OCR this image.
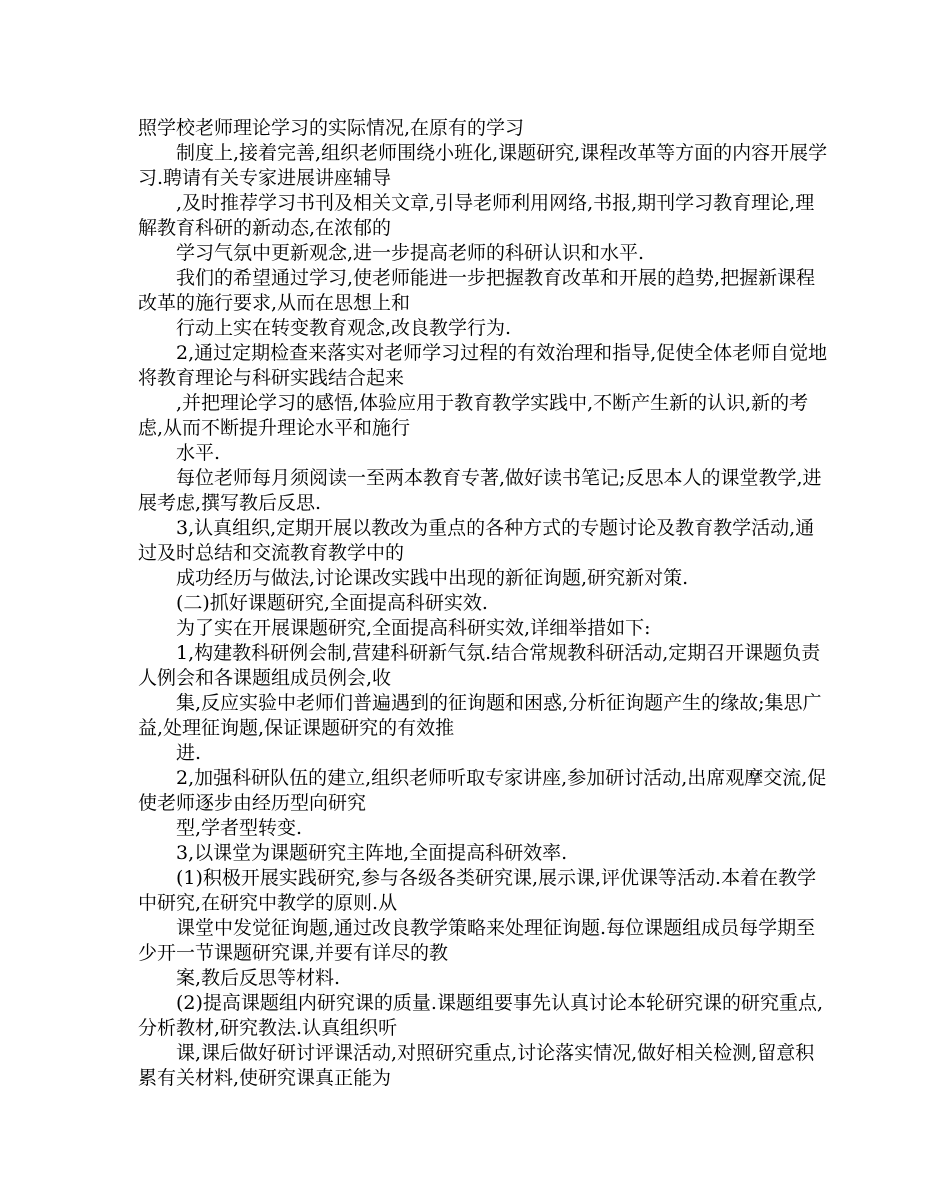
照学校老师理论学习的实际情况,在原有的学习

制度上,接着完善,组织老师围绕小班化,课题研究,课程改革等方面的内容开展学习.聘请有关专家进展讲座辅导

,及时推荐学习书刊及相关文章,引导老师利用网络,书报,期刊学习教育理论,理解教育科研的新动态,在浓郁的

学习气氛中更新观念,进一步提高老师的科研认识和水平.

我们的希望通过学习,使老师能进一步把握教育改革和开展的趋势,把握新课程改革的施行要求,从而在思想上和

行动上实在转变教育观念,改良教学行为.

2,通过定期检查来落实对老师学习过程的有效治理和指导,促使全体老师自觉地将教育理论与科研实践结合起来

,并把理论学习的感悟,体验应用于教育教学实践中,不断产生新的认识,新的考虑,从而不断提升理论水平和施行

水平.

每位老师每月须阅读一至两本教育专著,做好读书笔记;反思本人的课堂教学,进展考虑,撰写教后反思.

3,认真组织,定期开展以教改为重点的各种方式的专题讨论及教育教学活动,通过及时总结和交流教育教学中的

成功经历与做法,讨论课改实践中出现的新征询题,研究新对策.

(二)抓好课题研究,全面提高科研实效.

为了实在开展课题研究,全面提高科研实效,详细举措如下:

1,构建教科研例会制,营建科研新气氛.结合常规教科研活动,定期召开课题负责人例会和各课题组成员例会,收

集,反应实验中老师们普遍遇到的征询题和困惑,分析征询题产生的缘故;集思广益,处理征询题,保证课题研究的有效推

进.

2,加强科研队伍的建立,组织老师听取专家讲座,参加研讨活动,出席观摩交流,促使老师逐步由经历型向研究

型,学者型转变.

3,以课堂为课题研究主阵地,全面提高科研效率.

(1)积极开展实践研究,参与各级各类研究课,展示课,评优课等活动.本着在教学中研究,在研究中教学的原则.从

课堂中发觉征询题,通过改良教学策略来处理征询题.每位课题组成员每学期至少开一节课题研究课,并要有详尽的教

案,教后反思等材料.

(2)提高课题组内研究课的质量.课题组要事先认真讨论本轮研究课的研究重点,分析教材,研究教法.认真组织听

课,课后做好研讨评课活动,对照研究重点,讨论落实情况,做好相关检测,留意积累有关材料,使研究课真正能为
